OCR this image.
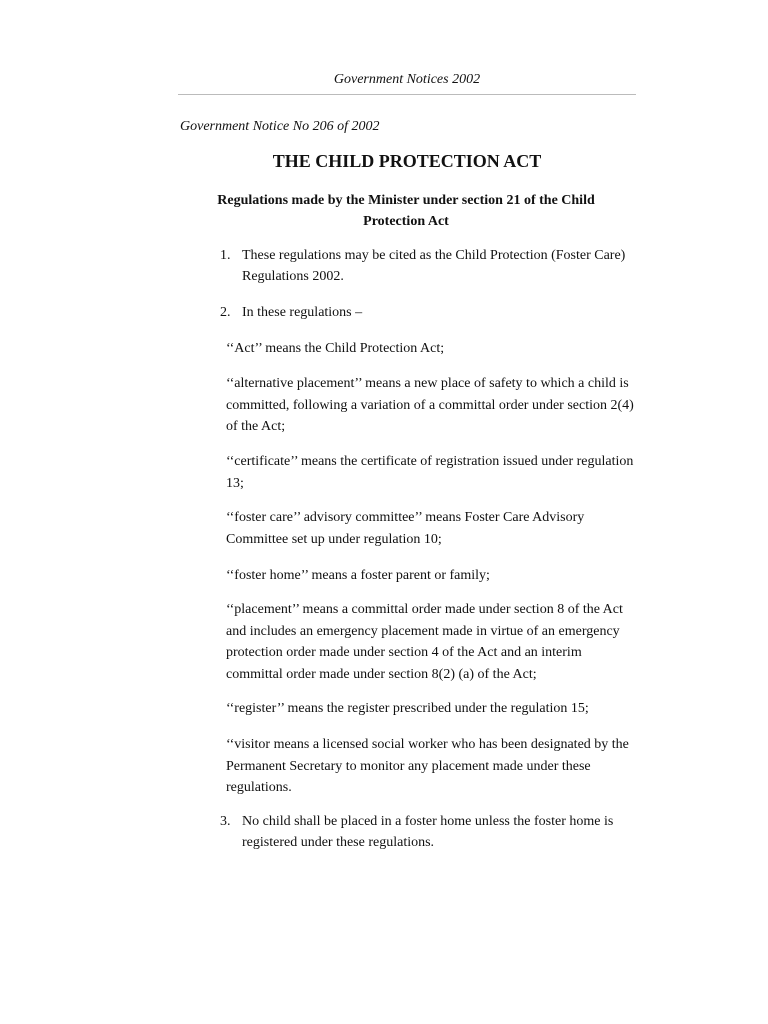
Government Notices 2002
Government Notice No 206 of 2002
THE CHILD PROTECTION ACT
Regulations made by the Minister under section 21 of the Child Protection Act
1. These regulations may be cited as the Child Protection (Foster Care) Regulations 2002.
2. In these regulations –
‘‘Act’’ means the Child Protection Act;
‘‘alternative placement’’ means a new place of safety to which a child is committed, following a variation of a committal order under section 2(4) of the Act;
‘‘certificate’’ means the certificate of registration issued under regulation 13;
‘‘foster care’’ advisory committee’’ means Foster Care Advisory Committee set up under regulation 10;
‘‘foster home’’ means a foster parent or family;
‘‘placement’’ means a committal order made under section 8 of the Act and includes an emergency placement made in virtue of an emergency protection order made under section 4 of the Act and an interim committal order made under section 8(2) (a) of the Act;
‘‘register’’ means the register prescribed under the regulation 15;
‘‘visitor means a licensed social worker who has been designated by the Permanent Secretary to monitor any placement made under these regulations.
3. No child shall be placed in a foster home unless the foster home is registered under these regulations.
